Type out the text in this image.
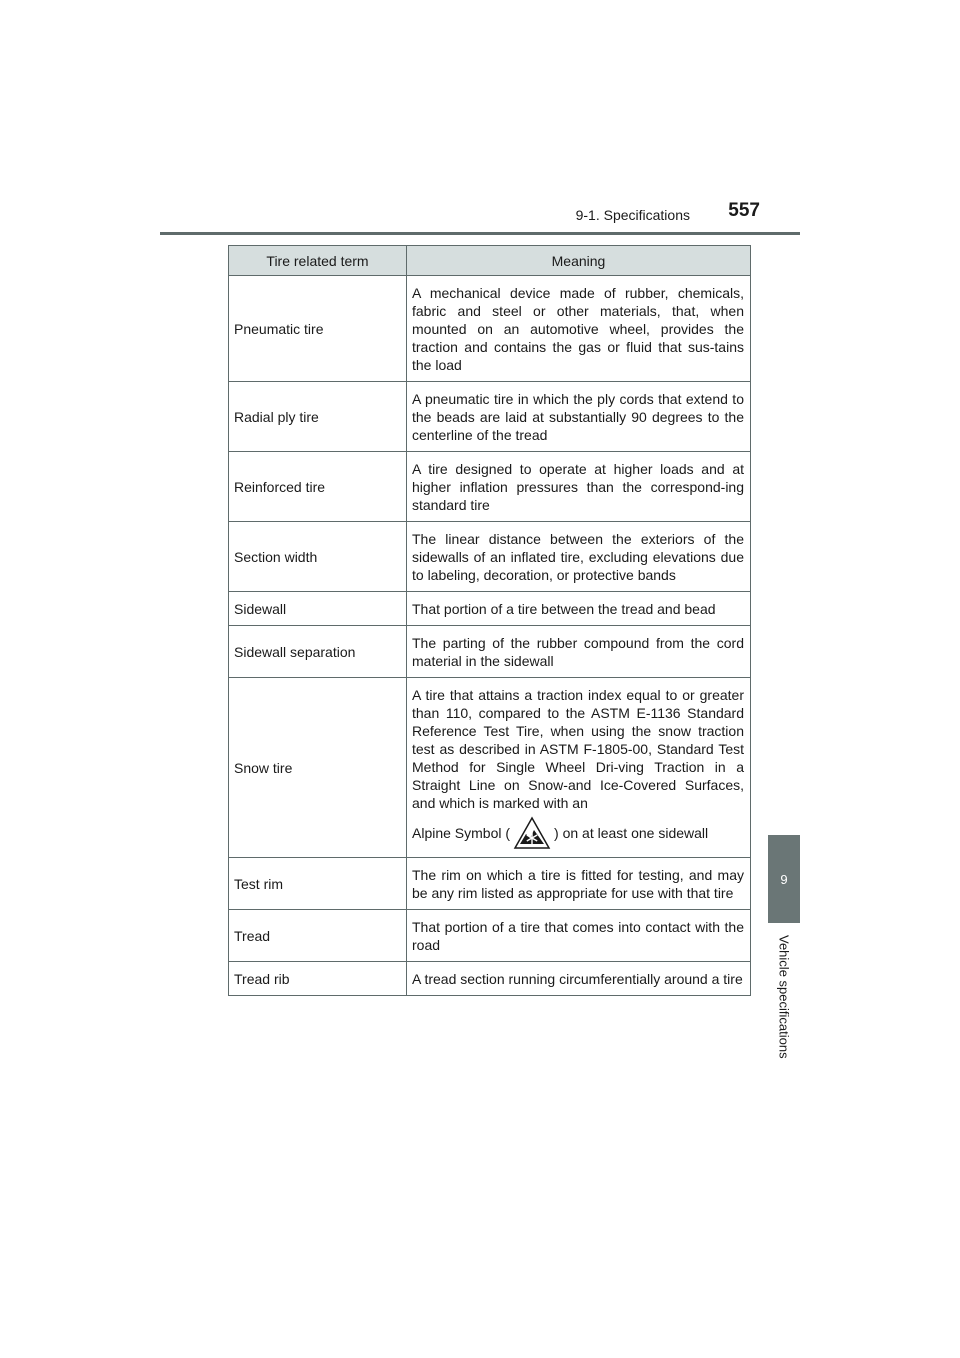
9-1. Specifications	557
9
Vehicle specifications
Tire related term	Meaning
Pneumatic tire	A mechanical device made of rubber, chemicals, fabric and steel or other materials, that, when mounted on an automotive wheel, provides the traction and contains the gas or fluid that sus-tains the load
Radial ply tire	A pneumatic tire in which the ply cords that extend to the beads are laid at substantially 90 degrees to the centerline of the tread
Reinforced tire	A tire designed to operate at higher loads and at higher inflation pressures than the correspond-ing standard tire
Section width	The linear distance between the exteriors of the sidewalls of an inflated tire, excluding elevations due to labeling, decoration, or protective bands
Sidewall	That portion of a tire between the tread and bead
Sidewall separation	The parting of the rubber compound from the cord material in the sidewall
Snow tire	A tire that attains a traction index equal to or greater than 110, compared to the ASTM E-1136 Standard Reference Test Tire, when using the snow traction test as described in ASTM F-1805-00, Standard Test Method for Single Wheel Dri-ving Traction in a Straight Line on Snow-and Ice-Covered Surfaces, and which is marked with an
Alpine Symbol ( ) on at least one sidewall

Test rim	The rim on which a tire is fitted for testing, and may be any rim listed as appropriate for use with that tire
Tread	That portion of a tire that comes into contact with the road
Tread rib	A tread section running circumferentially around a tire
